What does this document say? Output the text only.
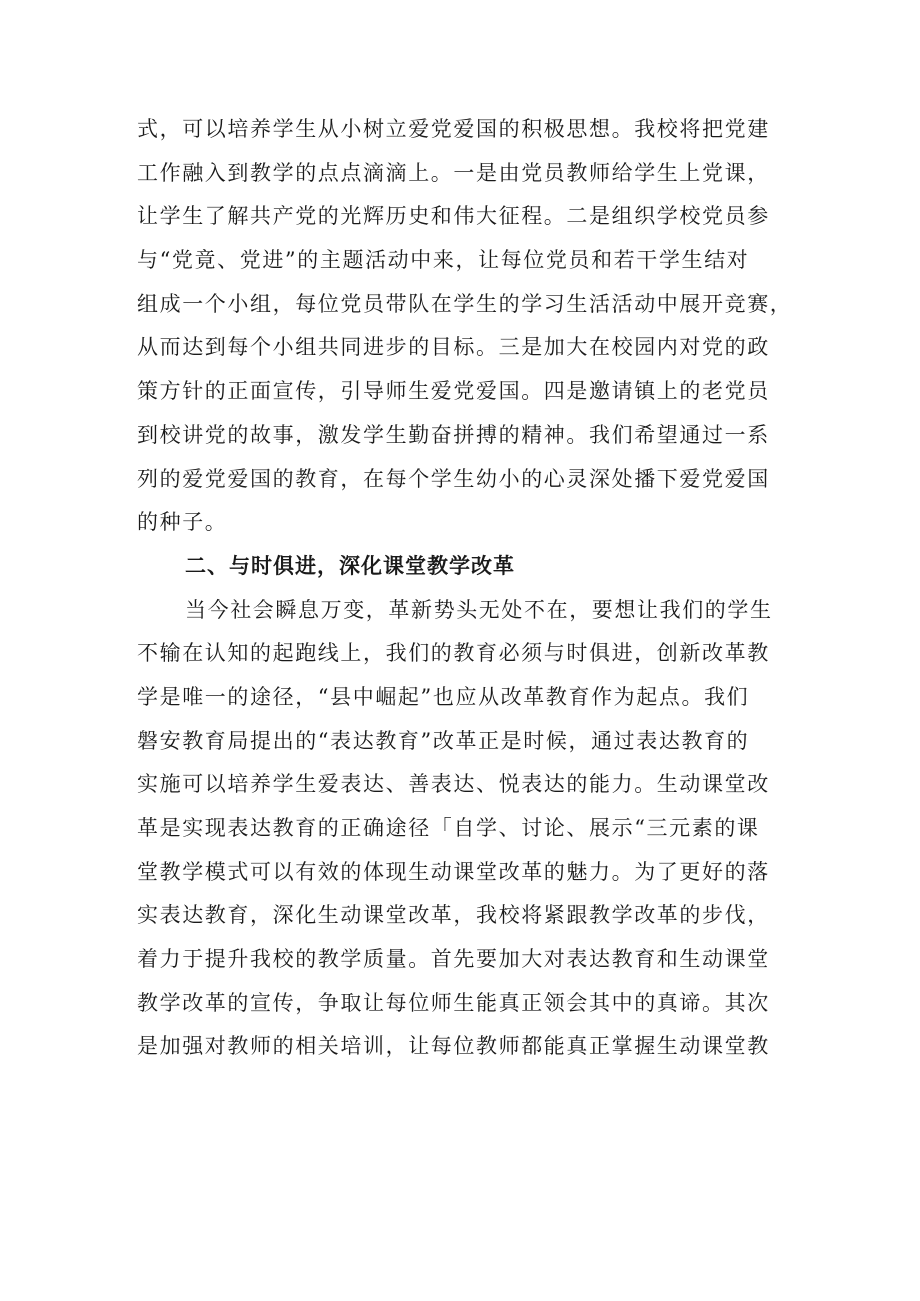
式，可以培养学生从小树立爱党爱国的积极思想。我校将把党建
工作融入到教学的点点滴滴上。一是由党员教师给学生上党课，
让学生了解共产党的光辉历史和伟大征程。二是组织学校党员参
与“党竟、党进”的主题活动中来，让每位党员和若干学生结对
组成一个小组，每位党员带队在学生的学习生活活动中展开竞赛，
从而达到每个小组共同进步的目标。三是加大在校园内对党的政
策方针的正面宣传，引导师生爱党爱国。四是邀请镇上的老党员
到校讲党的故事，激发学生勤奋拼搏的精神。我们希望通过一系
列的爱党爱国的教育，在每个学生幼小的心灵深处播下爱党爱国
的种子。
二、与时俱进，深化课堂教学改革
当今社会瞬息万变，革新势头无处不在，要想让我们的学生
不输在认知的起跑线上，我们的教育必须与时俱进，创新改革教
学是唯一的途径，“县中崛起”也应从改革教育作为起点。我们
磐安教育局提出的“表达教育”改革正是时候，通过表达教育的
实施可以培养学生爱表达、善表达、悦表达的能力。生动课堂改
革是实现表达教育的正确途径「自学、讨论、展示“三元素的课
堂教学模式可以有效的体现生动课堂改革的魅力。为了更好的落
实表达教育，深化生动课堂改革，我校将紧跟教学改革的步伐，
着力于提升我校的教学质量。首先要加大对表达教育和生动课堂
教学改革的宣传，争取让每位师生能真正领会其中的真谛。其次
是加强对教师的相关培训，让每位教师都能真正掌握生动课堂教
